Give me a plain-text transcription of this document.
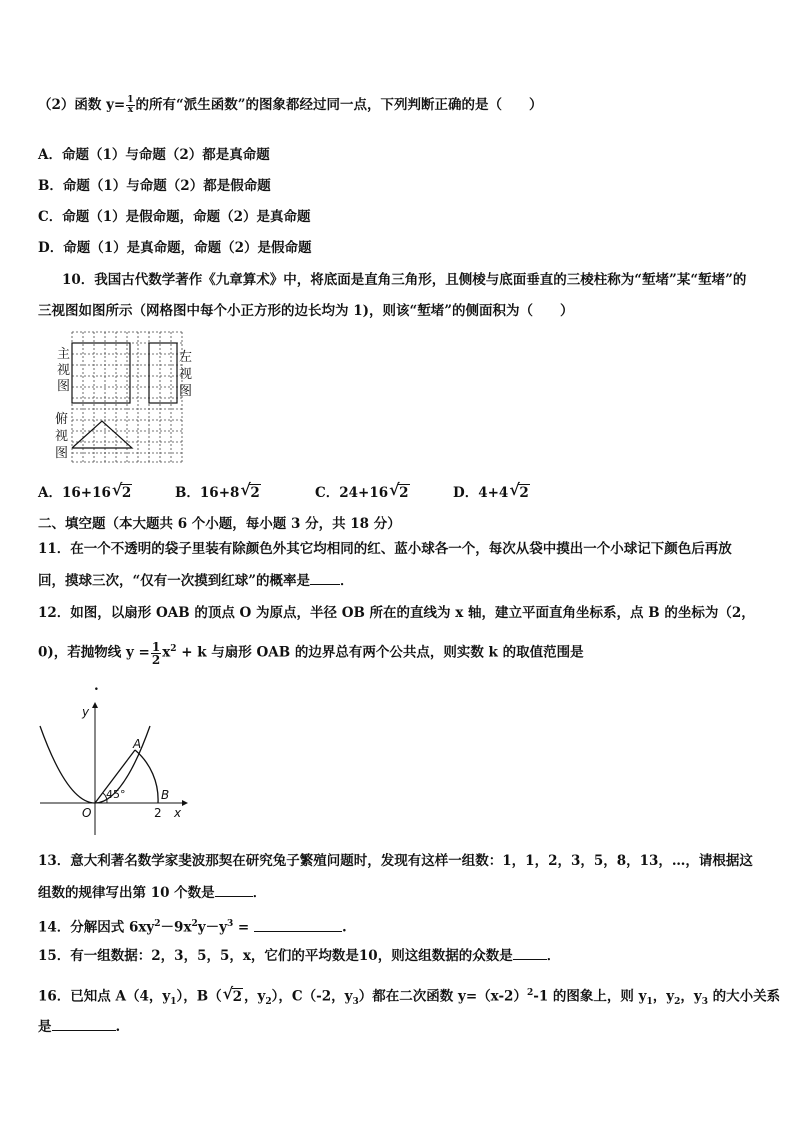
（2）函数 $y= \frac{1}{x}$ 的所有“派生函数”的图象都经过同一点，下列判断正确的是（　　）
A．命题（1）与命题（2）都是真命题
B．命题（1）与命题（2）都是假命题
C．命题（1）是假命题，命题（2）是真命题
D．命题（1）是真命题，命题（2）是假命题
10．我国古代数学著作《九章算术》中，将底面是直角三角形，且侧棱与底面垂直的三棱柱称为“堑堵”某“堑堵”的
三视图如图所示（网格图中每个小正方形的边长均为 1)，则该“堑堵”的侧面积为（　　）
主
视
图
左
视
图
俯
视
图
A．16+16 √ 2	B．16+8 √ 2	C．24+16 √ 2	D．4+4 √ 2
二、填空题（本大题共 6 个小题，每小题 3 分，共 18 分）
11．在一个不透明的袋子里装有除颜色外其它均相同的红、蓝小球各一个，每次从袋中摸出一个小球记下颜色后再放
回，摸球三次，“仅有一次摸到红球”的概率是 ．
12．如图，以扇形 OAB 的顶点 O 为原点，半径 OB 所在的直线为 x 轴，建立平面直角坐标系，点 B 的坐标为（2，
0)，若抛物线 $y = \frac{1}{2} x^2 + k$ 与扇形 OAB 的边界总有两个公共点，则实数 k 的取值范围是
.
y
x
O
A
B
45°
2
13．意大利著名数学家斐波那契在研究兔子繁殖问题时，发现有这样一组数：1，1，2，3，5，8，13，…，请根据这
组数的规律写出第 10 个数是	．
14．分解因式 $6xy^2-9x^2y-y^3$ =	.
15．有一组数据：2，3，5，5，x，它们的平均数是10，则这组数据的众数是	．
16．已知点 A（4，$y_1$），B（ √ 2 ，$y_2$），C（-2，$y_3$）都在二次函数 $y=(x-2)^2-1$ 的图象上，则 $y_1$，$y_2$，$y_3$ 的大小关系
是	.
